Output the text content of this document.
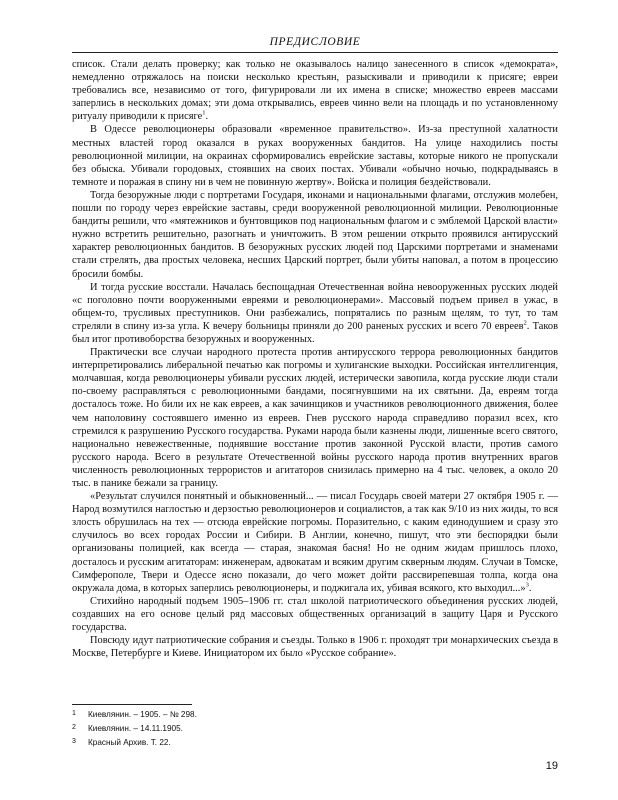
ПРЕДИСЛОВИЕ

список. Стали делать проверку; как только не оказывалось налицо занесенного в список «демократа», немедленно отряжалось на поиски несколько крестьян, разыскивали и приводили к присяге; евреи требовались все, независимо от того, фигурировали ли их имена в списке; множество евреев массами заперлись в нескольких домах; эти дома открывались, евреев чинно вели на площадь и по установленному ритуалу приводили к присяге$^1$.

В Одессе революционеры образовали «временное правительство». Из-за преступной халатности местных властей город оказался в руках вооруженных бандитов. На улице находились посты революционной милиции, на окраинах сформировались еврейские заставы, которые никого не пропускали без обыска. Убивали городовых, стоявших на своих постах. Убивали «обычно ночью, подкрадываясь в темноте и поражая в спину ни в чем не повинную жертву». Войска и полиция бездействовали.

Тогда безоружные люди с портретами Государя, иконами и национальными флагами, отслужив молебен, пошли по городу через еврейские заставы, среди вооруженной революционной милиции. Революционные бандиты решили, что «мятежников и бунтовщиков под национальным флагом и с эмблемой Царской власти» нужно встретить решительно, разогнать и уничтожить. В этом решении открыто проявился антирусский характер революционных бандитов. В безоружных русских людей под Царскими портретами и знаменами стали стрелять, два простых человека, несших Царский портрет, были убиты наповал, а потом в процессию бросили бомбы.

И тогда русские восстали. Началась беспощадная Отечественная война невооруженных русских людей «с поголовно почти вооруженными евреями и революционерами». Массовый подъем привел в ужас, в общем-то, трусливых преступников. Они разбежались, попрятались по разным щелям, то тут, то там стреляли в спину из-за угла. К вечеру больницы приняли до 200 раненых русских и всего 70 евреев$^2$. Таков был итог противоборства безоружных и вооруженных.

Практически все случаи народного протеста против антирусского террора революционных бандитов интерпретировались либеральной печатью как погромы и хулиганские выходки. Российская интеллигенция, молчавшая, когда революционеры убивали русских людей, истерически завопила, когда русские люди стали по-своему расправляться с революционными бандами, посягнувшими на их святыни. Да, евреям тогда досталось тоже. Но били их не как евреев, а как зачинщиков и участников революционного движения, более чем наполовину состоявшего именно из евреев. Гнев русского народа справедливо поразил всех, кто стремился к разрушению Русского государства. Руками народа были казнены люди, лишенные всего святого, национально невежественные, поднявшие восстание против законной Русской власти, против самого русского народа. Всего в результате Отечественной войны русского народа против внутренних врагов численность революционных террористов и агитаторов снизилась примерно на 4 тыс. человек, а около 20 тыс. в панике бежали за границу.

«Результат случился понятный и обыкновенный... — писал Государь своей матери 27 октября 1905 г. — Народ возмутился наглостью и дерзостью революционеров и социалистов, а так как 9/10 из них жиды, то вся злость обрушилась на тех — отсюда еврейские погромы. Поразительно, с каким единодушием и сразу это случилось во всех городах России и Сибири. В Англии, конечно, пишут, что эти беспорядки были организованы полицией, как всегда — старая, знакомая басня! Но не одним жидам пришлось плохо, досталось и русским агитаторам: инженерам, адвокатам и всяким другим скверным людям. Случаи в Томске, Симферополе, Твери и Одессе ясно показали, до чего может дойти рассвирепевшая толпа, когда она окружала дома, в которых заперлись революционеры, и поджигала их, убивая всякого, кто выходил...»$^3$.

Стихийно народный подъем 1905–1906 гг. стал школой патриотического объединения русских людей, создавших на его основе целый ряд массовых общественных организаций в защиту Царя и Русского государства.

Повсюду идут патриотические собрания и съезды. Только в 1906 г. проходят три монархических съезда в Москве, Петербурге и Киеве. Инициатором их было «Русское собрание».

1	Киевлянин. – 1905. – № 298.
2	Киевлянин. – 14.11.1905.
3	Красный Архив. Т. 22.
19
